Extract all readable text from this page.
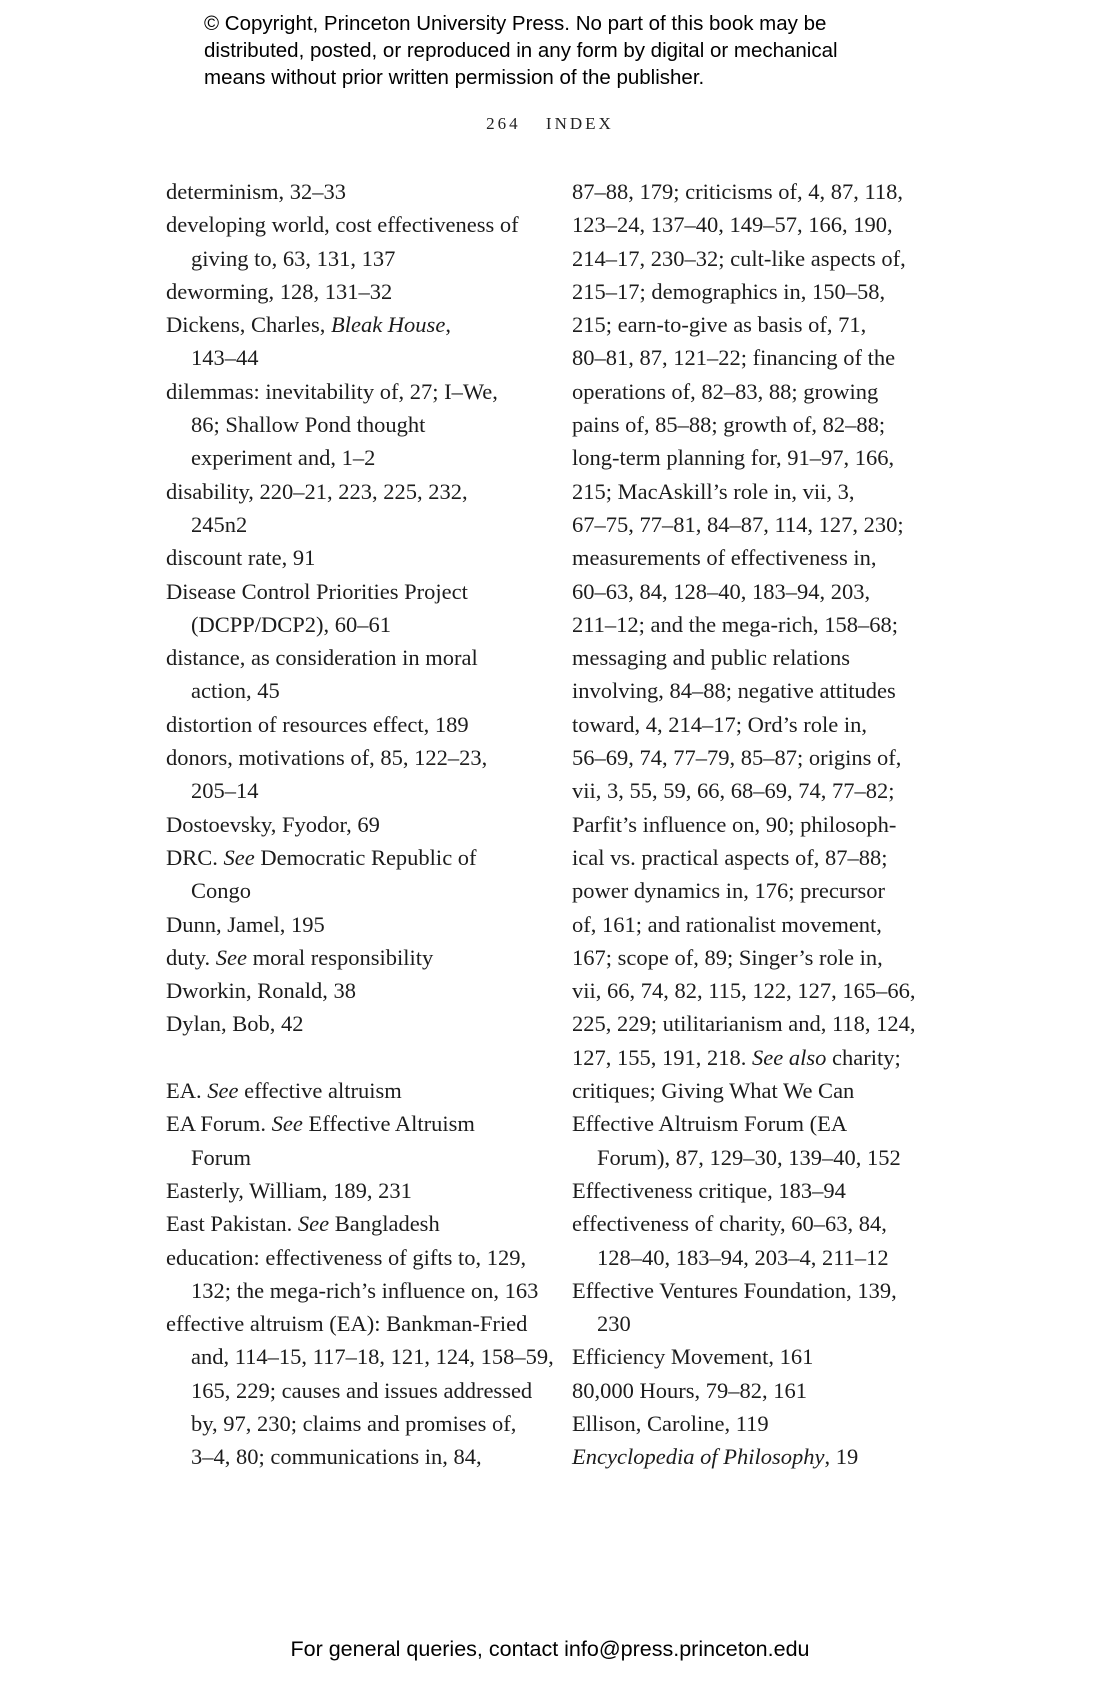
© Copyright, Princeton University Press. No part of this book may be
distributed, posted, or reproduced in any form by digital or mechanical
means without prior written permission of the publisher.
264 INDEX
determinism, 32–33
developing world, cost effectiveness of
giving to, 63, 131, 137
deworming, 128, 131–32
Dickens, Charles, Bleak House,
143–44
dilemmas: inevitability of, 27; I–We,
86; Shallow Pond thought
experiment and, 1–2
disability, 220–21, 223, 225, 232,
245n2
discount rate, 91
Disease Control Priorities Project
(DCPP/DCP2), 60–61
distance, as consideration in moral
action, 45
distortion of resources effect, 189
donors, motivations of, 85, 122–23,
205–14
Dostoevsky, Fyodor, 69
DRC. See Democratic Republic of
Congo
Dunn, Jamel, 195
duty. See moral responsibility
Dworkin, Ronald, 38
Dylan, Bob, 42
EA. See effective altruism
EA Forum. See Effective Altruism
Forum
Easterly, William, 189, 231
East Pakistan. See Bangladesh
education: effectiveness of gifts to, 129,
132; the mega-rich’s influence on, 163
effective altruism (EA): Bankman-Fried
and, 114–15, 117–18, 121, 124, 158–59,
165, 229; causes and issues addressed
by, 97, 230; claims and promises of,
3–4, 80; communications in, 84,
87–88, 179; criticisms of, 4, 87, 118,
123–24, 137–40, 149–57, 166, 190,
214–17, 230–32; cult-like aspects of,
215–17; demographics in, 150–58,
215; earn-to-give as basis of, 71,
80–81, 87, 121–22; financing of the
operations of, 82–83, 88; growing
pains of, 85–88; growth of, 82–88;
long-term planning for, 91–97, 166,
215; MacAskill’s role in, vii, 3,
67–75, 77–81, 84–87, 114, 127, 230;
measurements of effectiveness in,
60–63, 84, 128–40, 183–94, 203,
211–12; and the mega-rich, 158–68;
messaging and public relations
involving, 84–88; negative attitudes
toward, 4, 214–17; Ord’s role in,
56–69, 74, 77–79, 85–87; origins of,
vii, 3, 55, 59, 66, 68–69, 74, 77–82;
Parfit’s influence on, 90; philosoph-
ical vs. practical aspects of, 87–88;
power dynamics in, 176; precursor
of, 161; and rationalist movement,
167; scope of, 89; Singer’s role in,
vii, 66, 74, 82, 115, 122, 127, 165–66,
225, 229; utilitarianism and, 118, 124,
127, 155, 191, 218. See also charity;
critiques; Giving What We Can
Effective Altruism Forum (EA
Forum), 87, 129–30, 139–40, 152
Effectiveness critique, 183–94
effectiveness of charity, 60–63, 84,
128–40, 183–94, 203–4, 211–12
Effective Ventures Foundation, 139,
230
Efficiency Movement, 161
80,000 Hours, 79–82, 161
Ellison, Caroline, 119
Encyclopedia of Philosophy, 19
For general queries, contact info@press.princeton.edu
